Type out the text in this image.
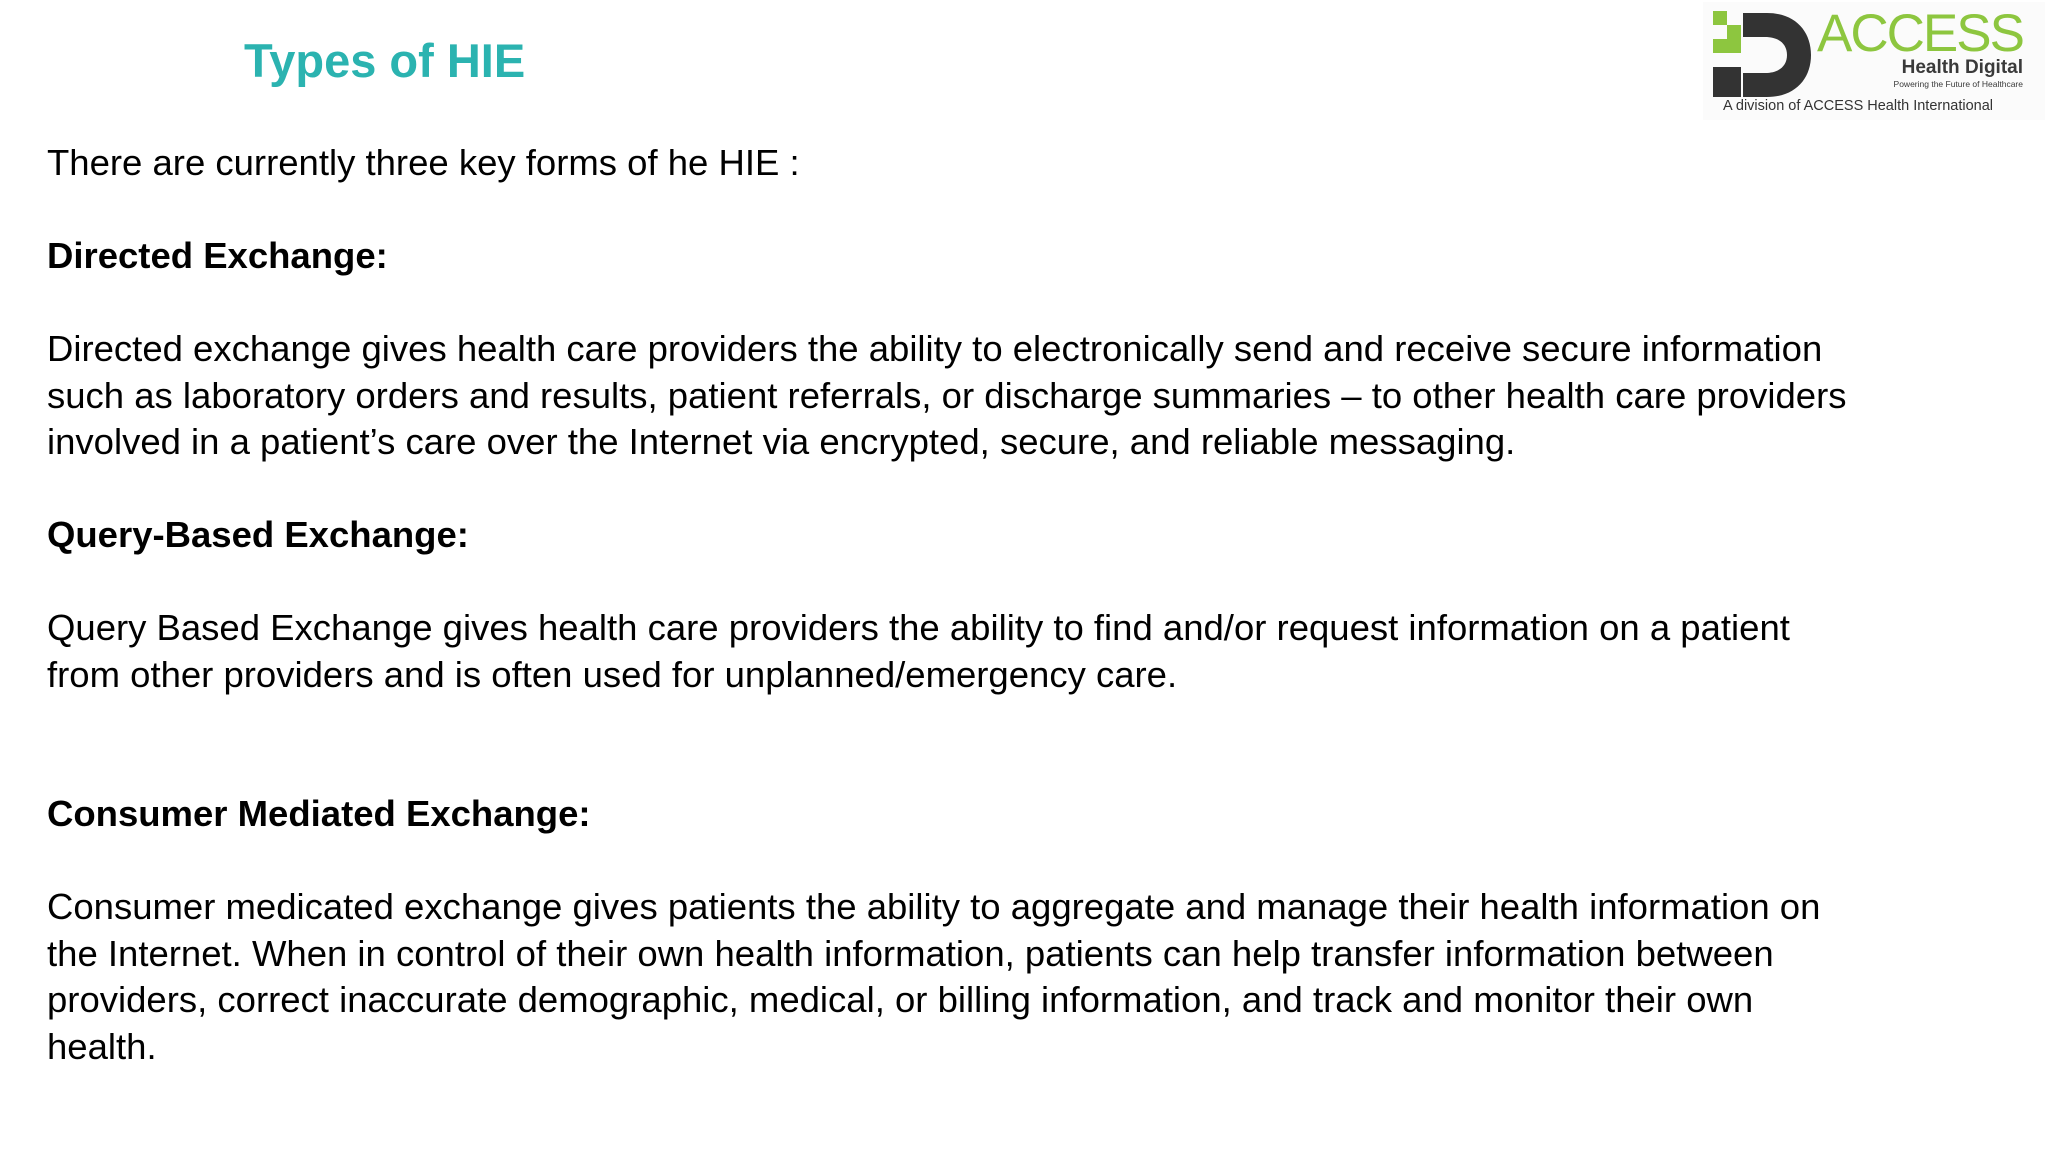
Types of HIE	ACCESS
Health Digital
Powering the Future of Healthcare
A division of ACCESS Health International

There are currently three key forms of he HIE :

Directed Exchange:

Directed exchange gives health care providers the ability to electronically send and receive secure information

such as laboratory orders and results, patient referrals, or discharge summaries – to other health care providers

involved in a patient’s care over the Internet via encrypted, secure, and reliable messaging.

Query-Based Exchange:

Query Based Exchange gives health care providers the ability to find and/or request information on a patient

from other providers and is often used for unplanned/emergency care.

Consumer Mediated Exchange:

Consumer medicated exchange gives patients the ability to aggregate and manage their health information on

the Internet. When in control of their own health information, patients can help transfer information between

providers, correct inaccurate demographic, medical, or billing information, and track and monitor their own

health.
